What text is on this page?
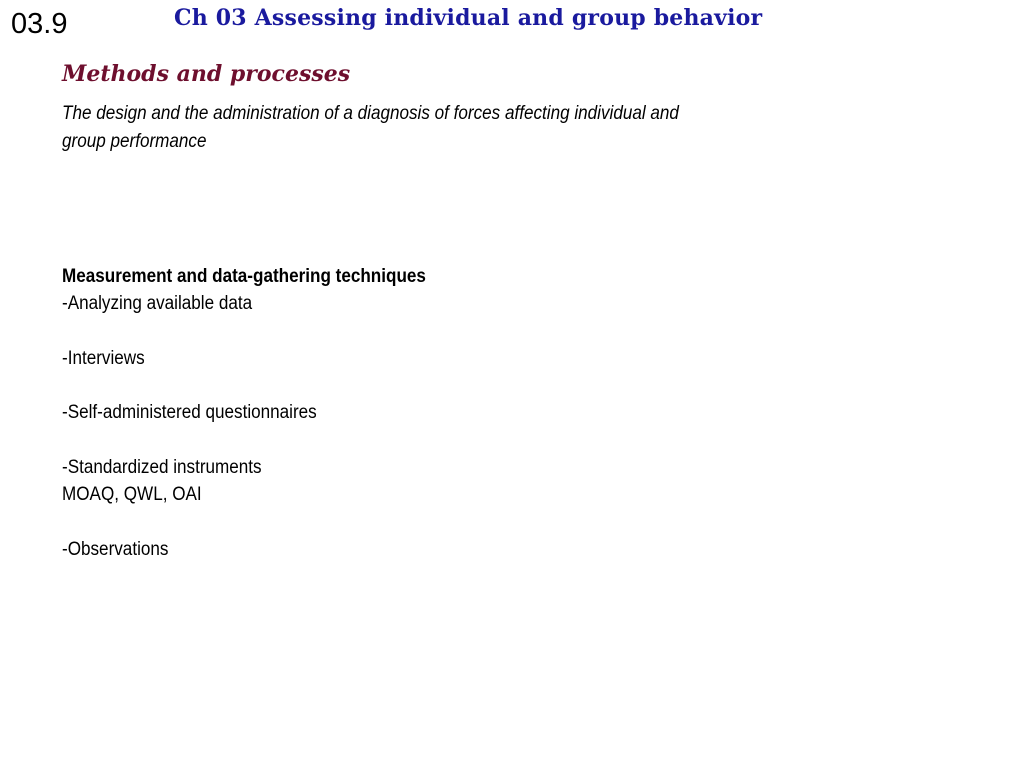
03.9	Ch 03 Assessing individual and group behavior
Methods and processes
The design and the administration of a diagnosis of forces affecting individual and group performance
Measurement and data-gathering techniques
-Analyzing available data
-Interviews
-Self-administered questionnaires
-Standardized instruments
MOAQ, QWL, OAI
-Observations
